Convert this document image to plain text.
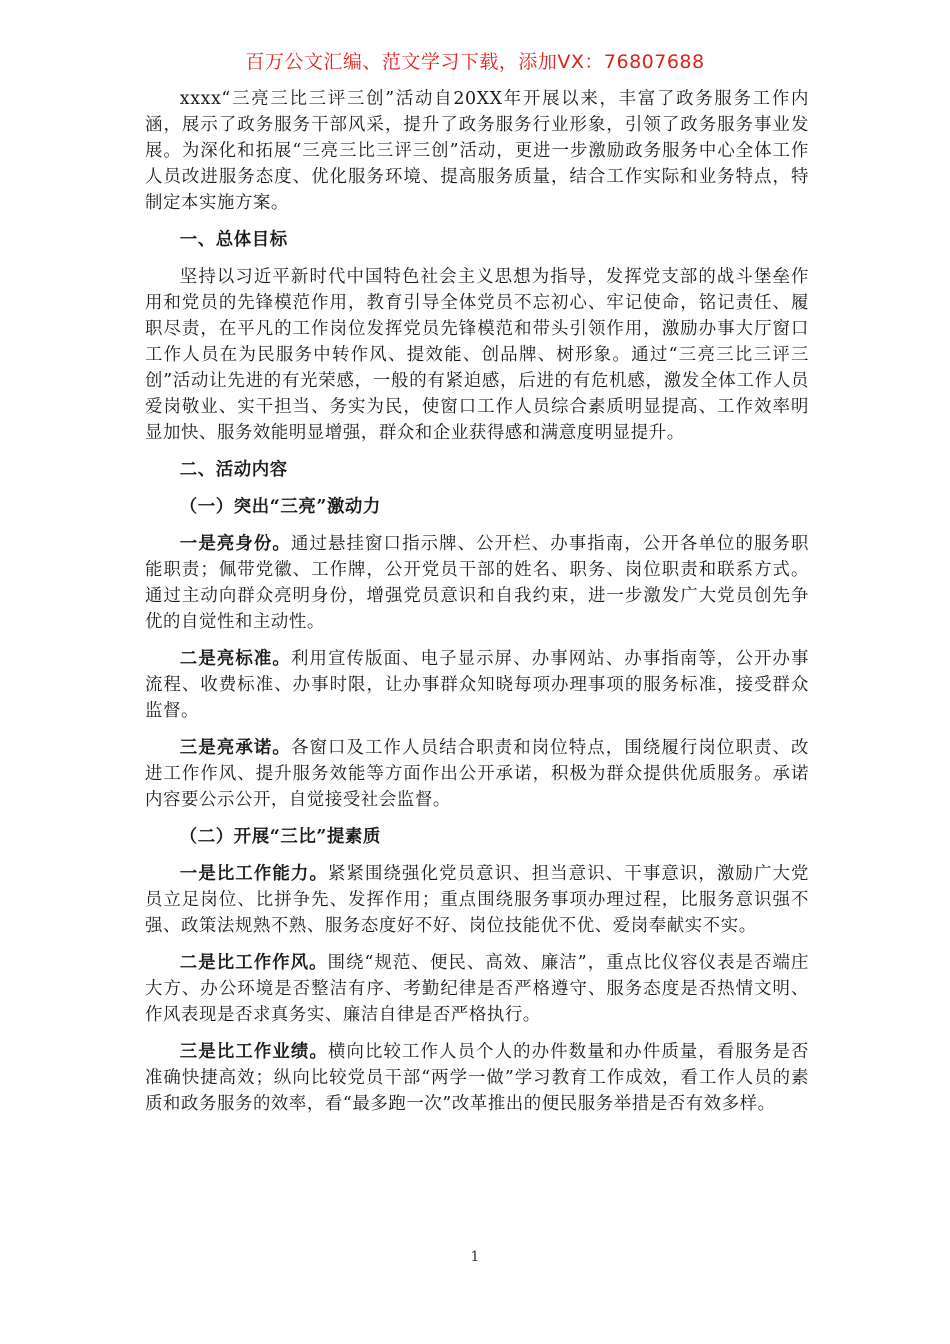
百万公文汇编、范文学习下载，添加VX：76807688

xxxx“三亮三比三评三创”活动自20XX年开展以来，丰富了政务服务工作内涵，展示了政务服务干部风采，提升了政务服务行业形象，引领了政务服务事业发展。为深化和拓展“三亮三比三评三创”活动，更进一步激励政务服务中心全体工作人员改进服务态度、优化服务环境、提高服务质量，结合工作实际和业务特点，特制定本实施方案。

一、总体目标

坚持以习近平新时代中国特色社会主义思想为指导，发挥党支部的战斗堡垒作用和党员的先锋模范作用，教育引导全体党员不忘初心、牢记使命，铭记责任、履职尽责，在平凡的工作岗位发挥党员先锋模范和带头引领作用，激励办事大厅窗口工作人员在为民服务中转作风、提效能、创品牌、树形象。通过“三亮三比三评三创”活动让先进的有光荣感，一般的有紧迫感，后进的有危机感，激发全体工作人员爱岗敬业、实干担当、务实为民，使窗口工作人员综合素质明显提高、工作效率明显加快、服务效能明显增强，群众和企业获得感和满意度明显提升。

二、活动内容
（一）突出“三亮”激动力

一是亮身份。通过悬挂窗口指示牌、公开栏、办事指南，公开各单位的服务职能职责；佩带党徽、工作牌，公开党员干部的姓名、职务、岗位职责和联系方式。通过主动向群众亮明身份，增强党员意识和自我约束，进一步激发广大党员创先争优的自觉性和主动性。

二是亮标准。利用宣传版面、电子显示屏、办事网站、办事指南等，公开办事流程、收费标准、办事时限，让办事群众知晓每项办理事项的服务标准，接受群众监督。

三是亮承诺。各窗口及工作人员结合职责和岗位特点，围绕履行岗位职责、改进工作作风、提升服务效能等方面作出公开承诺，积极为群众提供优质服务。承诺内容要公示公开，自觉接受社会监督。

（二）开展“三比”提素质

一是比工作能力。紧紧围绕强化党员意识、担当意识、干事意识，激励广大党员立足岗位、比拼争先、发挥作用；重点围绕服务事项办理过程，比服务意识强不强、政策法规熟不熟、服务态度好不好、岗位技能优不优、爱岗奉献实不实。

二是比工作作风。围绕“规范、便民、高效、廉洁”，重点比仪容仪表是否端庄大方、办公环境是否整洁有序、考勤纪律是否严格遵守、服务态度是否热情文明、作风表现是否求真务实、廉洁自律是否严格执行。

三是比工作业绩。横向比较工作人员个人的办件数量和办件质量，看服务是否准确快捷高效；纵向比较党员干部“两学一做”学习教育工作成效，看工作人员的素质和政务服务的效率，看“最多跑一次”改革推出的便民服务举措是否有效多样。

1
